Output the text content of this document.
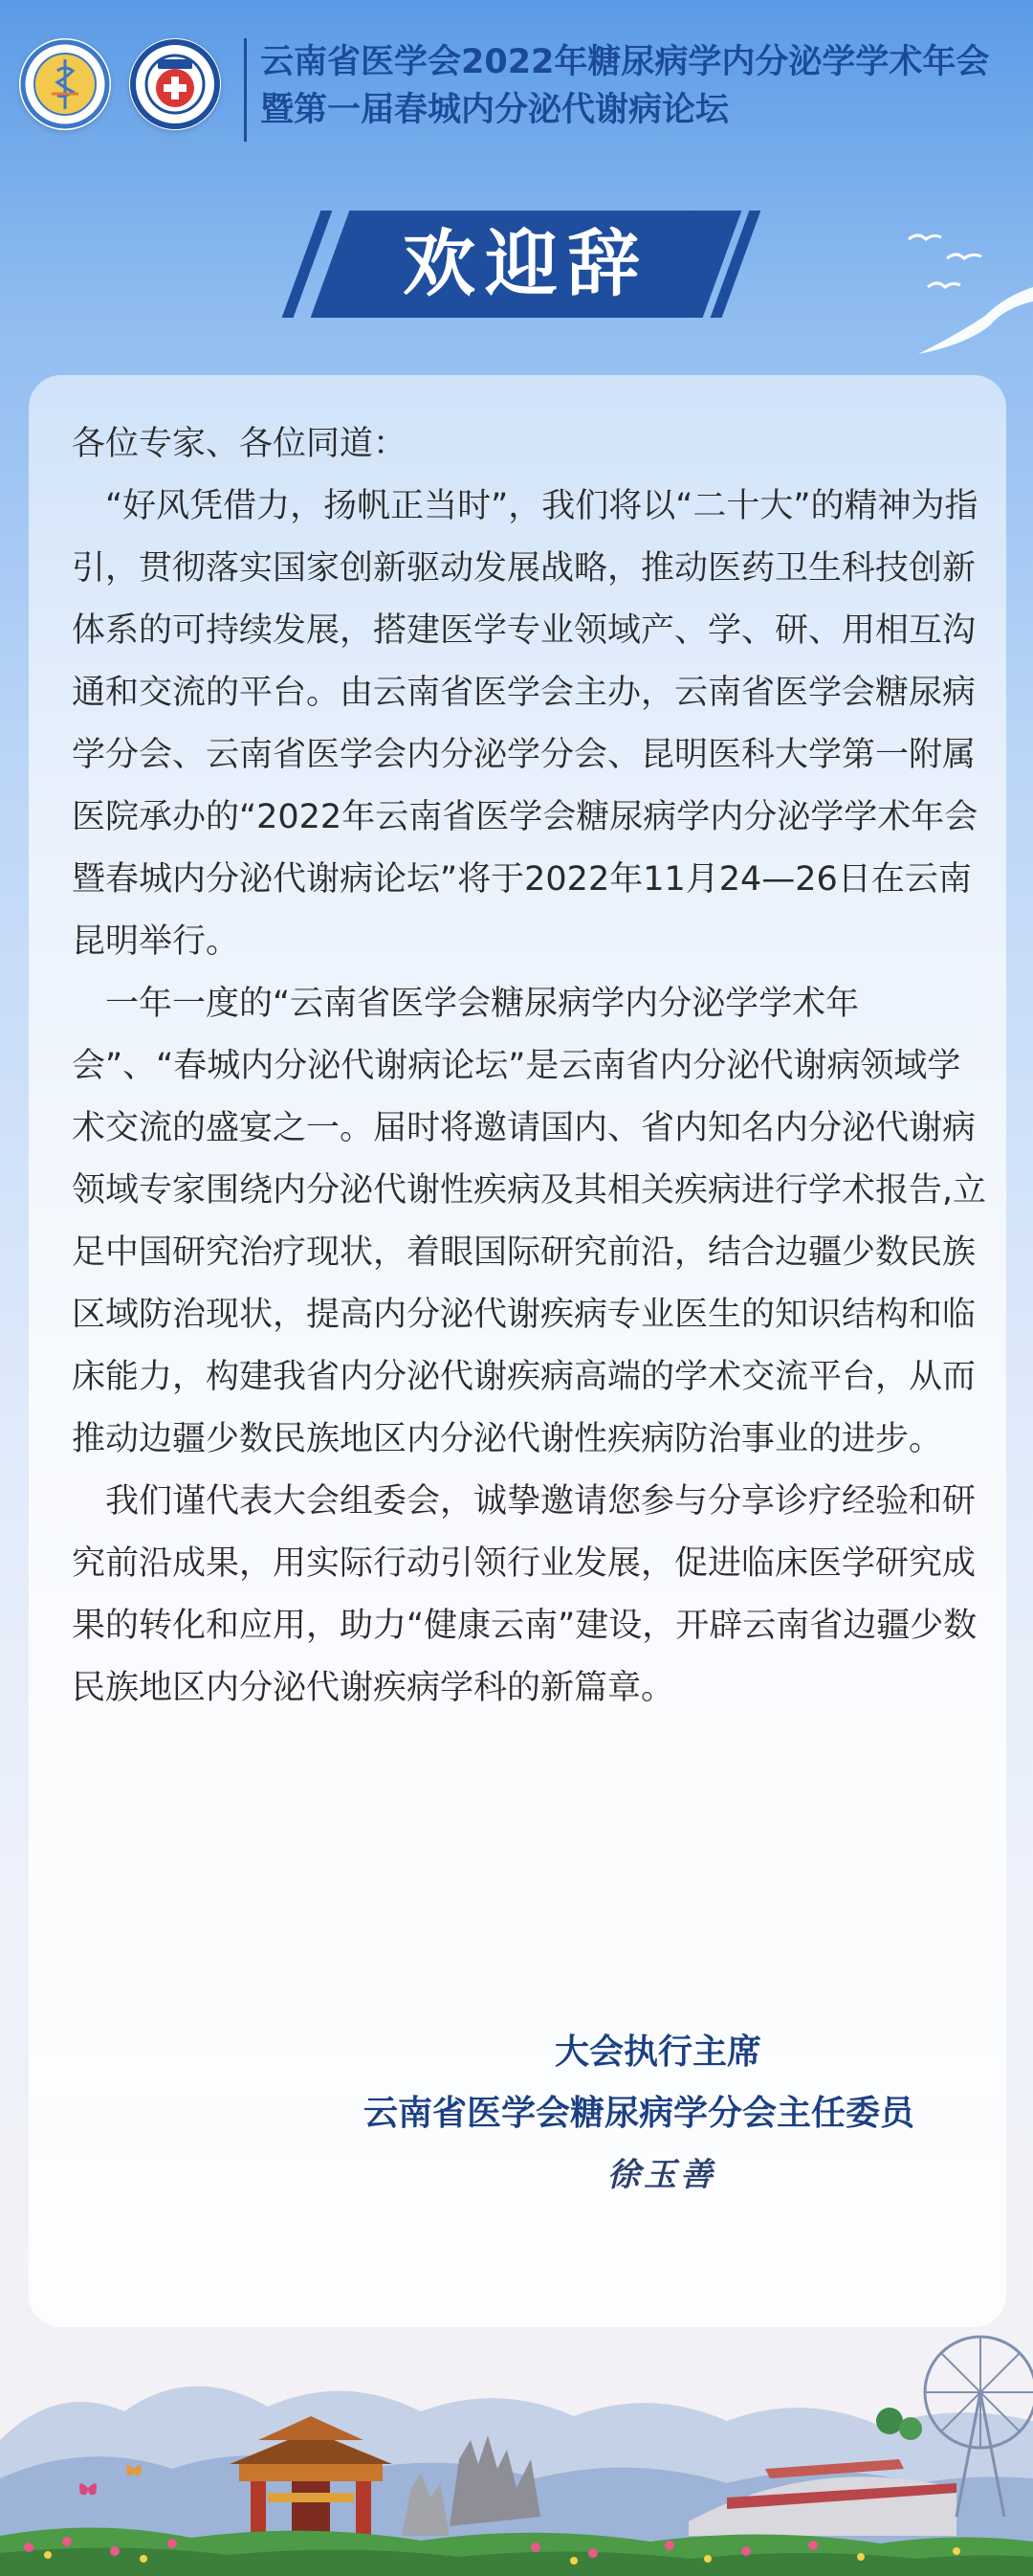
云南省医学会2022年糖尿病学内分泌学学术年会
暨第一届春城内分泌代谢病论坛
欢迎辞

各位专家、各位同道：

“好风凭借力，扬帆正当时”，我们将以“二十大”的精神为指引，贯彻落实国家创新驱动发展战略，推动医药卫生科技创新体系的可持续发展，搭建医学专业领域产、学、研、用相互沟通和交流的平台。由云南省医学会主办，云南省医学会糖尿病学分会、云南省医学会内分泌学分会、昆明医科大学第一附属医院承办的“2022年云南省医学会糖尿病学内分泌学学术年会暨春城内分泌代谢病论坛”将于2022年11月24—26日在云南昆明举行。

一年一度的“云南省医学会糖尿病学内分泌学学术年会”、“春城内分泌代谢病论坛”是云南省内分泌代谢病领域学术交流的盛宴之一。届时将邀请国内、省内知名内分泌代谢病领域专家围绕内分泌代谢性疾病及其相关疾病进行学术报告,立足中国研究治疗现状，着眼国际研究前沿，结合边疆少数民族区域防治现状，提高内分泌代谢疾病专业医生的知识结构和临床能力，构建我省内分泌代谢疾病高端的学术交流平台，从而推动边疆少数民族地区内分泌代谢性疾病防治事业的进步。

我们谨代表大会组委会，诚挚邀请您参与分享诊疗经验和研究前沿成果，用实际行动引领行业发展，促进临床医学研究成果的转化和应用，助力“健康云南”建设，开辟云南省边疆少数民族地区内分泌代谢疾病学科的新篇章。

大会执行主席
云南省医学会糖尿病学分会主任委员
徐玉善
